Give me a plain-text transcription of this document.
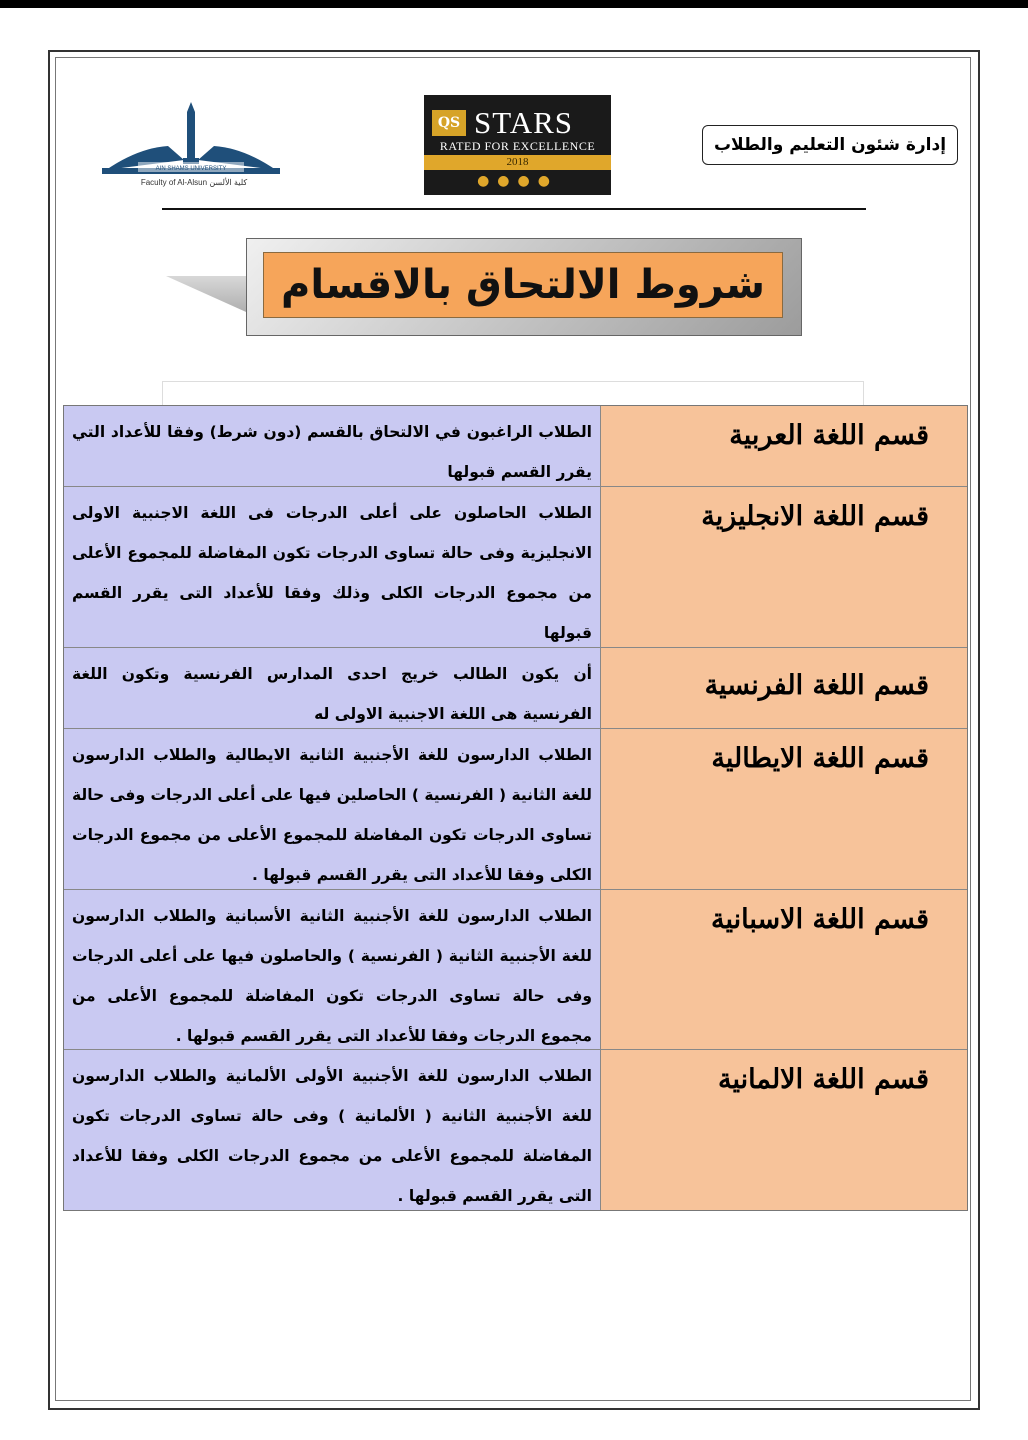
AIN SHAMS UNIVERSITY
Faculty of Al-Alsun كلية الألسن
QS STARS
RATED FOR EXCELLENCE
2018
●●●●
إدارة شئون التعليم والطلاب
شروط الالتحاق بالاقسام
الطلاب الراغبون في الالتحاق بالقسم (دون شرط) وفقا للأعداد التي يقرر القسم قبولها
قسم اللغة العربية
الطلاب الحاصلون على أعلى الدرجات فى اللغة الاجنبية الاولى الانجليزية وفى حالة تساوى الدرجات تكون المفاضلة للمجموع الأعلى من مجموع الدرجات الكلى وذلك وفقا للأعداد التى يقرر القسم قبولها
قسم اللغة الانجليزية
أن يكون الطالب خريج احدى المدارس الفرنسية وتكون اللغة الفرنسية هى اللغة الاجنبية الاولى له
قسم اللغة الفرنسية
الطلاب الدارسون للغة الأجنبية الثانية الايطالية والطلاب الدارسون للغة الثانية ( الفرنسية ) الحاصلين فيها على أعلى الدرجات وفى حالة تساوى الدرجات تكون المفاضلة للمجموع الأعلى من مجموع الدرجات الكلى وفقا للأعداد التى يقرر القسم قبولها .
قسم اللغة الايطالية
الطلاب الدارسون للغة الأجنبية الثانية الأسبانية والطلاب الدارسون للغة الأجنبية الثانية ( الفرنسية ) والحاصلون فيها على أعلى الدرجات وفى حالة تساوى الدرجات تكون المفاضلة للمجموع الأعلى من مجموع الدرجات وفقا للأعداد التى يقرر القسم قبولها .
قسم اللغة الاسبانية
الطلاب الدارسون للغة الأجنبية الأولى الألمانية والطلاب الدارسون للغة الأجنبية الثانية ( الألمانية ) وفى حالة تساوى الدرجات تكون المفاضلة للمجموع الأعلى من مجموع الدرجات الكلى وفقا للأعداد التى يقرر القسم قبولها .
قسم اللغة الالمانية
